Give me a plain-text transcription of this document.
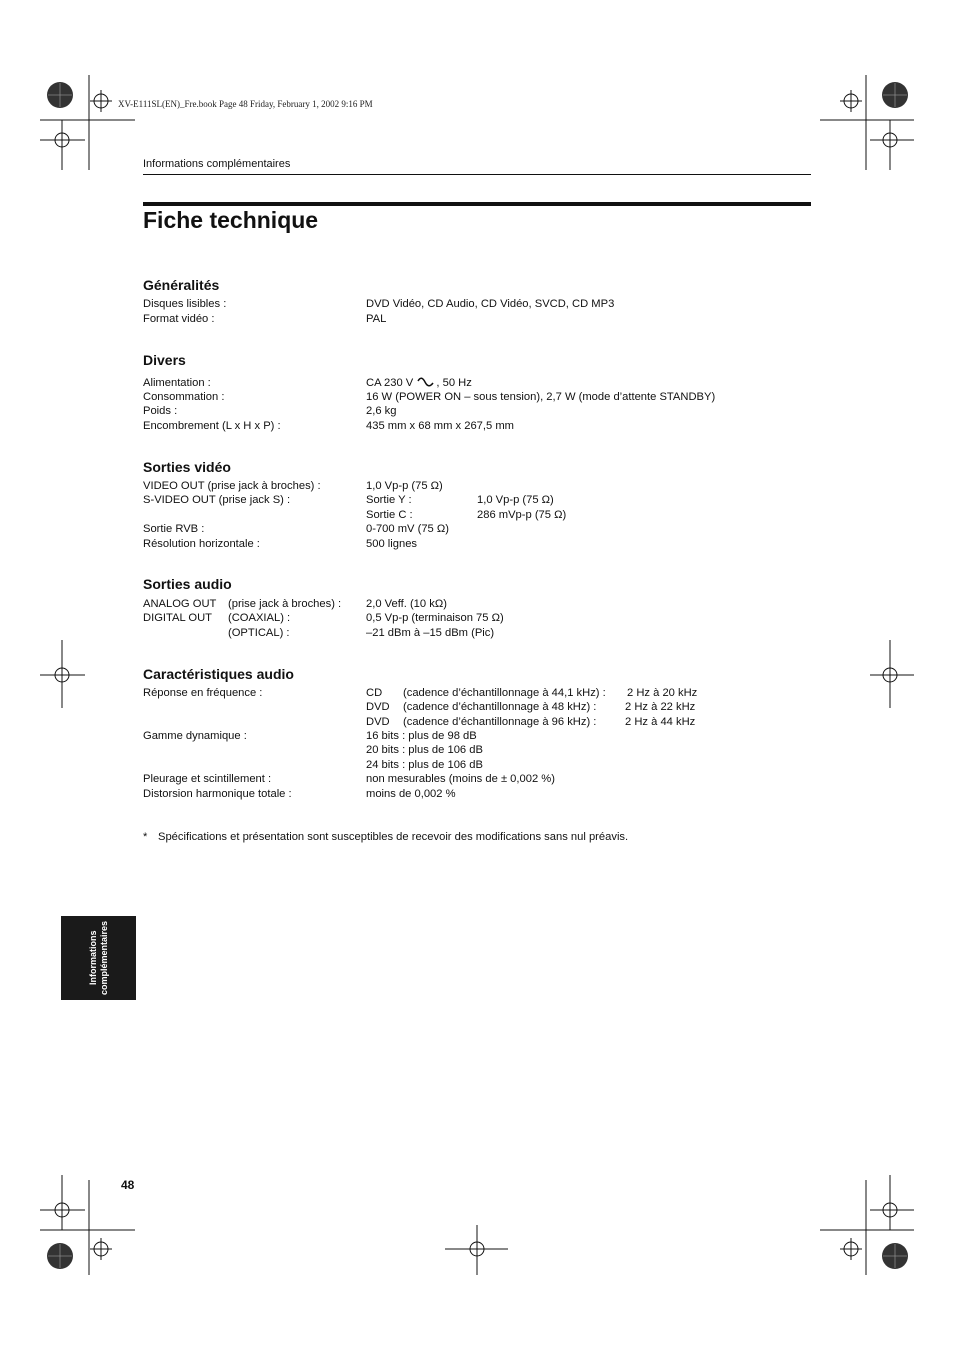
XV-E111SL(EN)_Fre.book Page 48 Friday, February 1, 2002 9:16 PM
Informations complémentaires
Fiche technique
Généralités
Disques lisibles :	DVD Vidéo, CD Audio, CD Vidéo, SVCD, CD MP3
Format vidéo :	PAL
Divers
Alimentation :	CA 230 V , 50 Hz
Consommation :	16 W (POWER ON – sous tension), 2,7 W (mode d’attente STANDBY)
Poids :	2,6 kg
Encombrement (L x H x P) :	435 mm x 68 mm x 267,5 mm
Sorties vidéo
VIDEO OUT (prise jack à broches) :	1,0 Vp-p (75 Ω)
S-VIDEO OUT (prise jack S) :	Sortie Y :	1,0 Vp-p (75 Ω)
Sortie C :	286 mVp-p (75 Ω)
Sortie RVB :	0-700 mV (75 Ω)
Résolution horizontale :	500 lignes
Sorties audio
ANALOG OUT (prise jack à broches) : 2,0 Veff. (10 kΩ)
DIGITAL OUT (COAXIAL) :	0,5 Vp-p (terminaison 75 Ω)
(OPTICAL) :	–21 dBm à –15 dBm (Pic)
Caractéristiques audio
Réponse en fréquence :	CD (cadence d’échantillonnage à 44,1 kHz) : 2 Hz à 20 kHz
DVD (cadence d’échantillonnage à 48 kHz) :	2 Hz à 22 kHz
DVD (cadence d’échantillonnage à 96 kHz) :	2 Hz à 44 kHz
Gamme dynamique :	16 bits : plus de 98 dB
20 bits : plus de 106 dB
24 bits : plus de 106 dB
Pleurage et scintillement :	non mesurables (moins de ± 0,002 %)
Distorsion harmonique totale :	moins de 0,002 %
* Spécifications et présentation sont susceptibles de recevoir des modifications sans nul préavis.
Informations complémentaires
48
